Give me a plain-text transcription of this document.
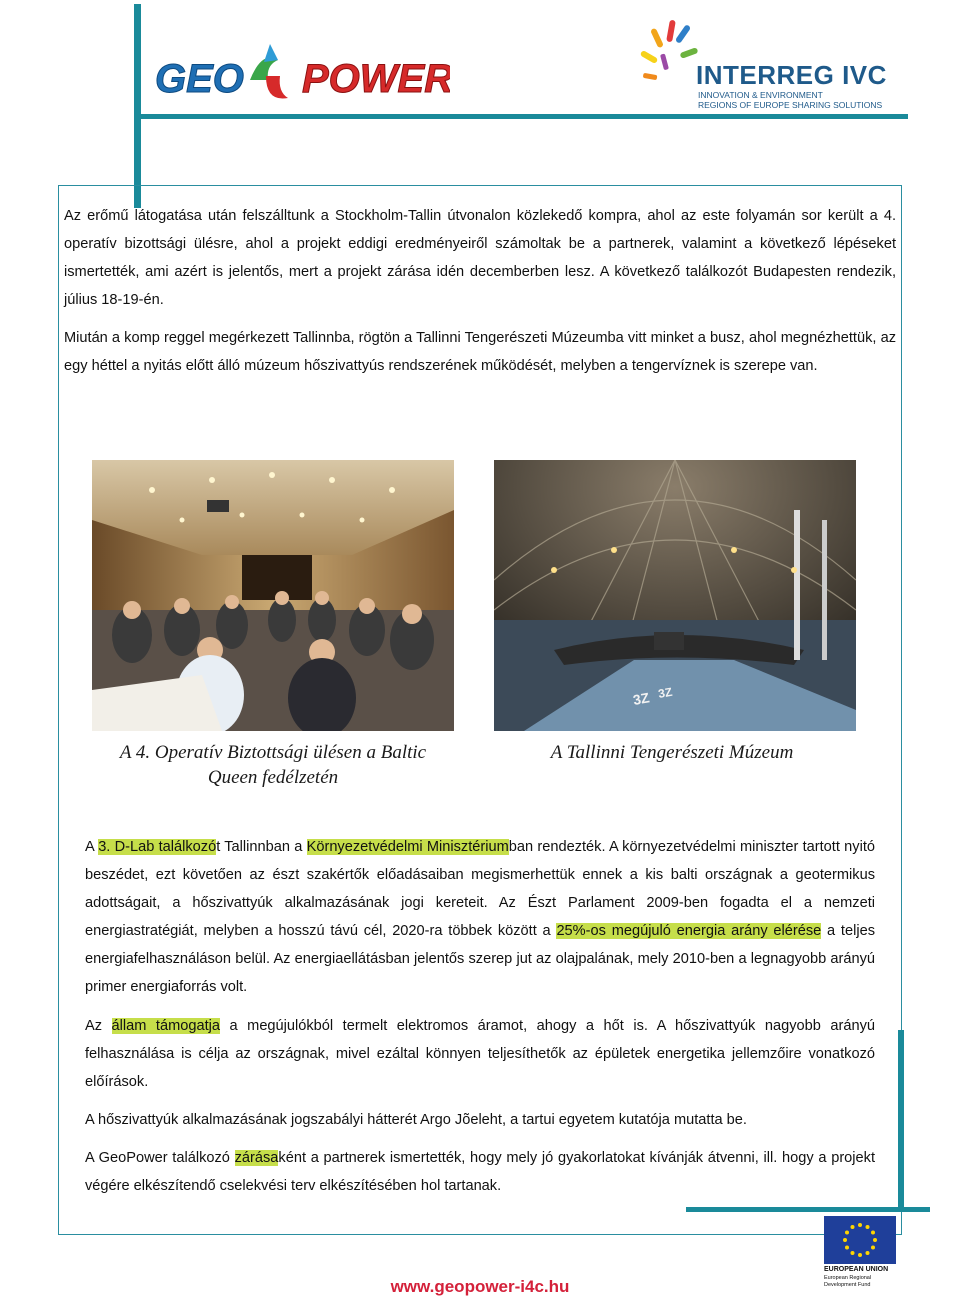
GEO POWER	INTERREG IVC
INNOVATION & ENVIRONMENT
REGIONS OF EUROPE SHARING SOLUTIONS

Az erőmű látogatása után felszálltunk a Stockholm-Tallin útvonalon közlekedő kompra, ahol az este folyamán sor került a 4. operatív bizottsági ülésre, ahol a projekt eddigi eredményeiről számoltak be a partnerek, valamint a következő lépéseket ismertették, ami azért is jelentős, mert a projekt zárása idén decemberben lesz. A következő találkozót Budapesten rendezik, július 18-19-én.

Miután a komp reggel megérkezett Tallinnba, rögtön a Tallinni Tengerészeti Múzeumba vitt minket a busz, ahol megnézhettük, az egy héttel a nyitás előtt álló múzeum hőszivattyús rendszerének működését, melyben a tengervíznek is szerepe van.

3Z 3Z
A 4. Operatív Biztottsági ülésen a Baltic
Queen fedélzetén
A Tallinni Tengerészeti Múzeum

A 3. D-Lab találkozót Tallinnban a Környezetvédelmi Minisztériumban rendezték. A környezetvédelmi miniszter tartott nyitó beszédet, ezt követően az észt szakértők előadásaiban megismerhettük ennek a kis balti országnak a geotermikus adottságait, a hőszivattyúk alkalmazásának jogi kereteit. Az Észt Parlament 2009-ben fogadta el a nemzeti energiastratégiát, melyben a hosszú távú cél, 2020-ra többek között a 25%-os megújuló energia arány elérése a teljes energiafelhasználáson belül. Az energiaellátásban jelentős szerep jut az olajpalának, mely 2010-ben a legnagyobb arányú primer energiaforrás volt.

Az állam támogatja a megújulókból termelt elektromos áramot, ahogy a hőt is. A hőszivattyúk nagyobb arányú felhasználása is célja az országnak, mivel ezáltal könnyen teljesíthetők az épületek energetika jellemzőire vonatkozó előírások.

A hőszivattyúk alkalmazásának jogszabályi hátterét Argo Jõeleht, a tartui egyetem kutatója mutatta be.

A GeoPower találkozó zárásaként a partnerek ismertették, hogy mely jó gyakorlatokat kívánják átvenni, ill. hogy a projekt végére elkészítendő cselekvési terv elkészítésében hol tartanak.

EUROPEAN UNION
European Regional
Development Fund
www.geopower-i4c.hu
